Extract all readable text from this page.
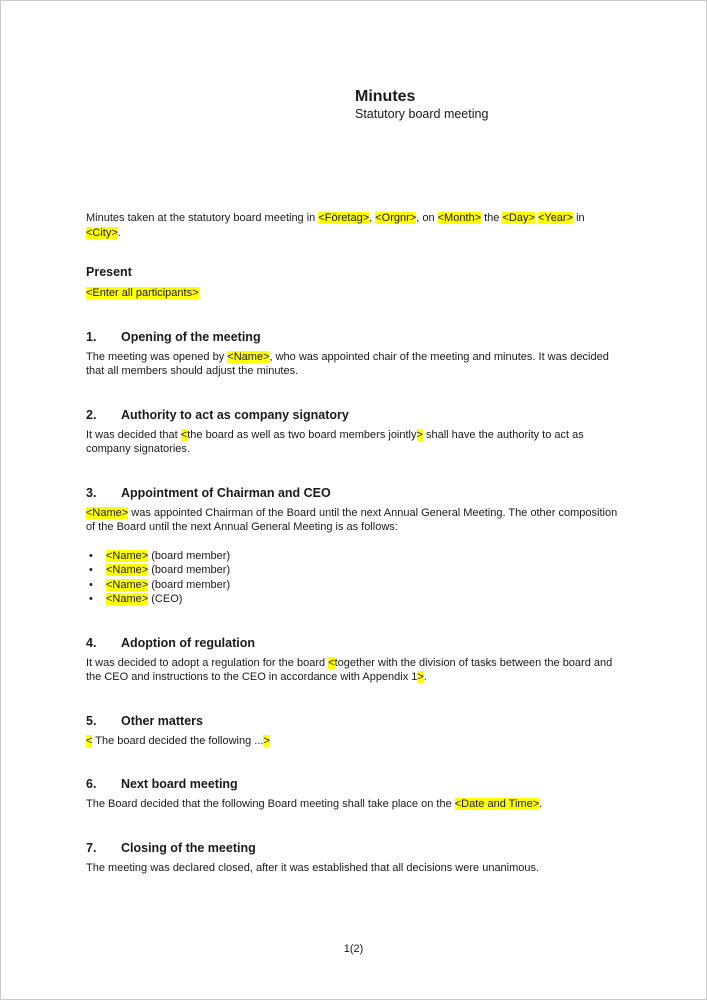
Minutes
Statutory board meeting

Minutes taken at the statutory board meeting in <Företag>, <Orgnr>, on <Month> the <Day> <Year> in <City>.

Present

<Enter all participants>

1.	Opening of the meeting

The meeting was opened by <Name>, who was appointed chair of the meeting and minutes. It was decided that all members should adjust the minutes.

2.	Authority to act as company signatory

It was decided that <the board as well as two board members jointly> shall have the authority to act as company signatories.

3.	Appointment of Chairman and CEO

<Name> was appointed Chairman of the Board until the next Annual General Meeting. The other composition of the Board until the next Annual General Meeting is as follows:

•	<Name> (board member)
•	<Name> (board member)
•	<Name> (board member)
•	<Name> (CEO)
4.	Adoption of regulation

It was decided to adopt a regulation for the board <together with the division of tasks between the board and the CEO and instructions to the CEO in accordance with Appendix 1>.

5.	Other matters

< The board decided the following ...>

6.	Next board meeting

The Board decided that the following Board meeting shall take place on the <Date and Time>.

7.	Closing of the meeting

The meeting was declared closed, after it was established that all decisions were unanimous.

1(2)
